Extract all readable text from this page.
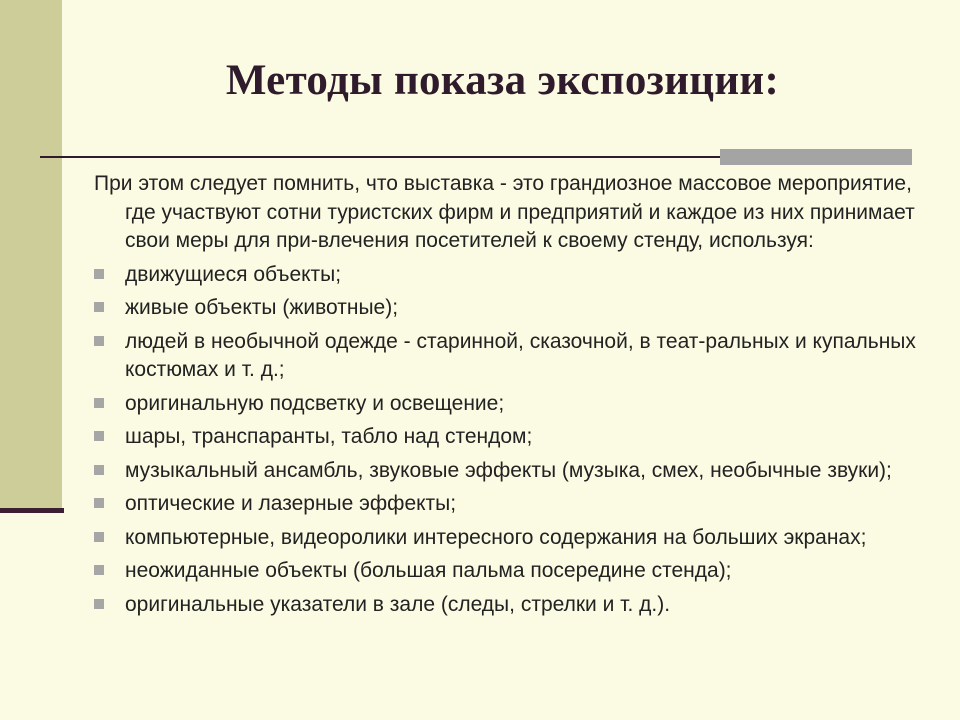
Методы показа экспозиции:

При этом следует помнить, что выставка - это грандиозное массовое мероприятие, где участвуют сотни туристских фирм и предприятий и каждое из них принимает свои меры для при-влечения посетителей к своему стенду, используя:

движущиеся объекты;
живые объекты (животные);
людей в необычной одежде - старинной, сказочной, в теат-ральных и купальных костюмах и т. д.;
оригинальную подсветку и освещение;
шары, транспаранты, табло над стендом;
музыкальный ансамбль, звуковые эффекты (музыка, смех, необычные звуки);
оптические и лазерные эффекты;
компьютерные, видеоролики интересного содержания на больших экранах;
неожиданные объекты (большая пальма посередине стенда);
оригинальные указатели в зале (следы, стрелки и т. д.).
